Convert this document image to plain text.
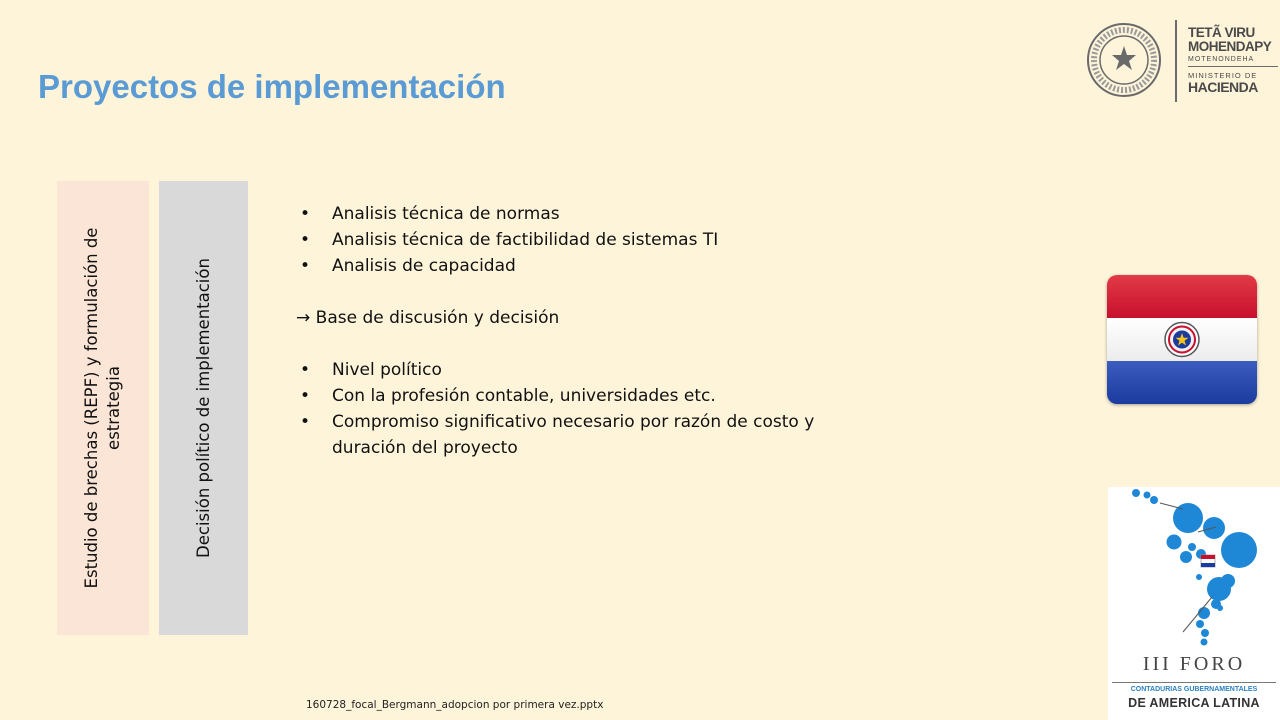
Proyectos de implementación
Estudio de brechas (REPF) y formulación de estrategia	Decisión político de implementación
• Analisis técnica de normas
• Analisis técnica de factibilidad de sistemas TI
• Analisis de capacidad
→ Base de discusión y decisión
• Nivel político
• Con la profesión contable, universidades etc.
• Compromiso significativo necesario por razón de costo y duración del proyecto
160728_focal_Bergmann_adopcion por primera vez.pptx
TETÃ VIRU
MOHENDAPY
MOTENONDEHA
MINISTERIO DE
HACIENDA
III FORO
CONTADURIAS GUBERNAMENTALES
DE AMERICA LATINA
